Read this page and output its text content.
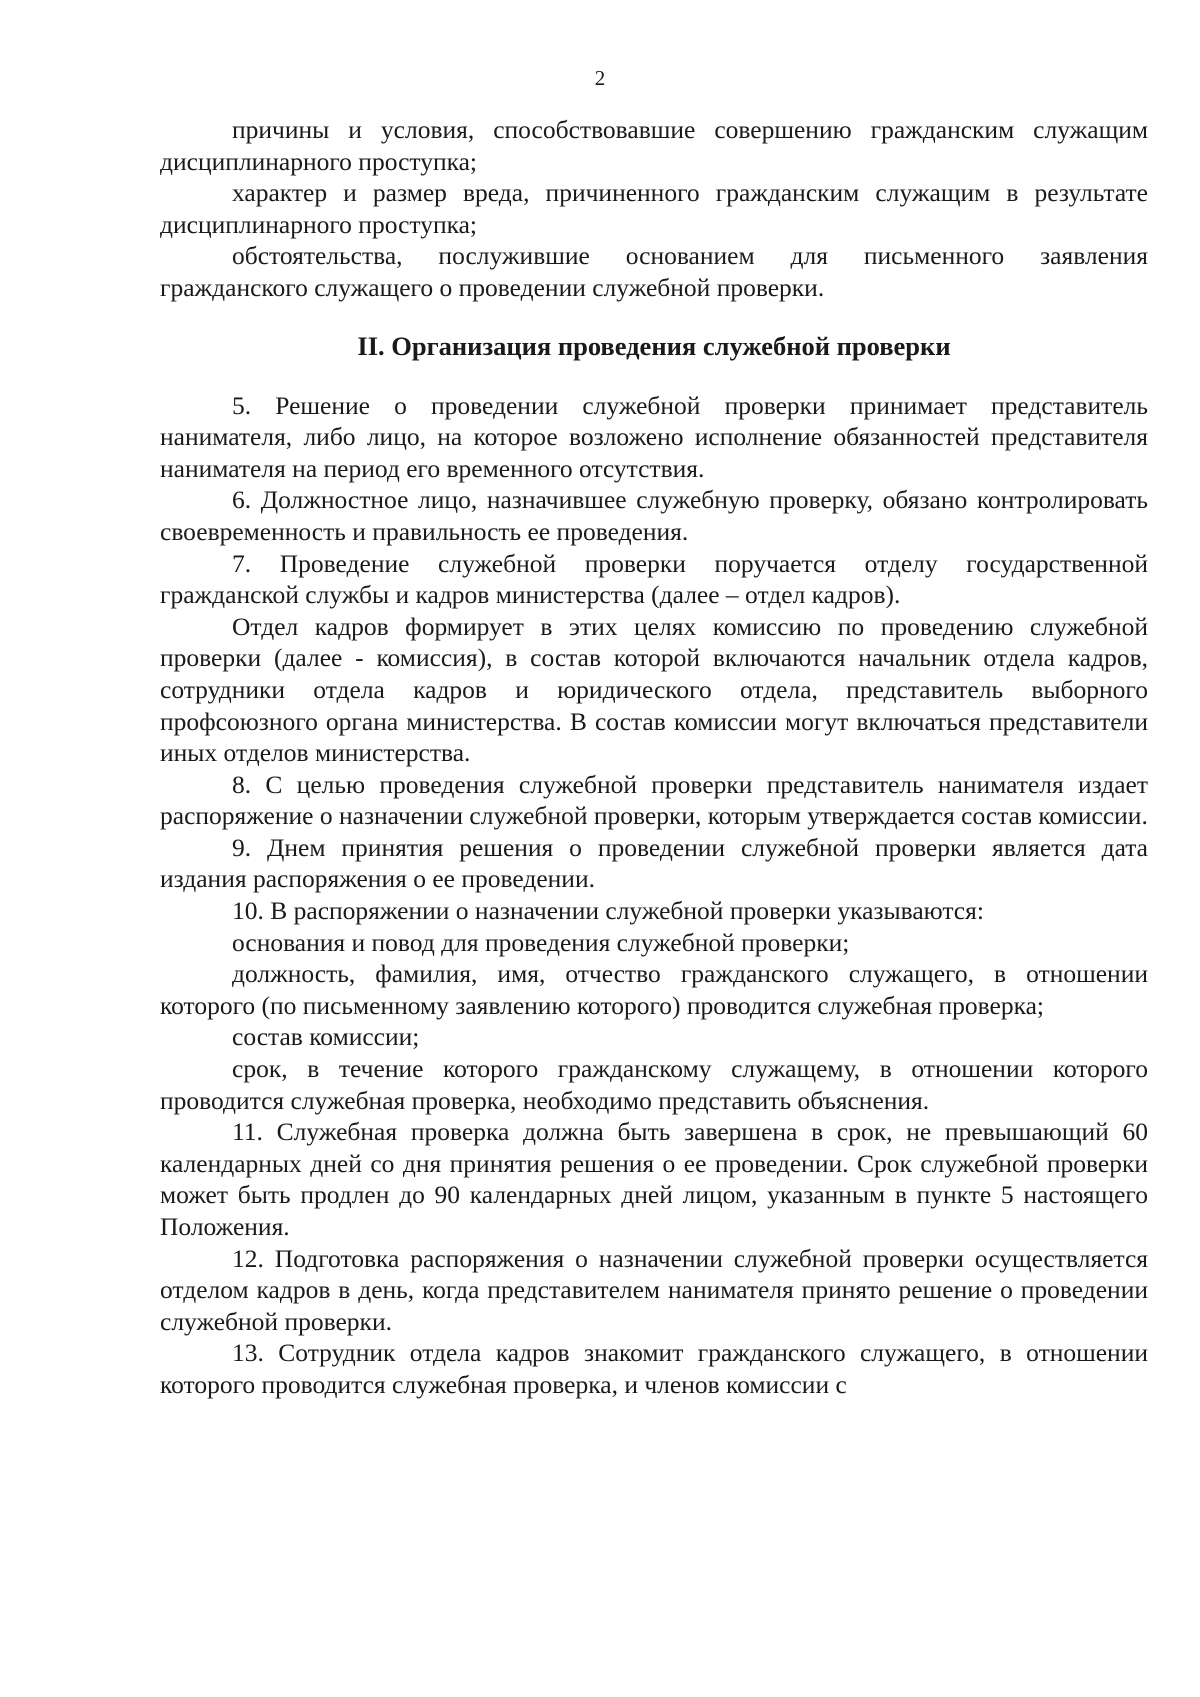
2

причины и условия, способствовавшие совершению гражданским служащим дисциплинарного проступка;

характер и размер вреда, причиненного гражданским служащим в результате дисциплинарного проступка;

обстоятельства, послужившие основанием для письменного заявления гражданского служащего о проведении служебной проверки.

II. Организация проведения служебной проверки

5. Решение о проведении служебной проверки принимает представитель нанимателя, либо лицо, на которое возложено исполнение обязанностей представителя нанимателя на период его временного отсутствия.

6. Должностное лицо, назначившее служебную проверку, обязано контролировать своевременность и правильность ее проведения.

7. Проведение служебной проверки поручается отделу государственной гражданской службы и кадров министерства (далее – отдел кадров).

Отдел кадров формирует в этих целях комиссию по проведению служебной проверки (далее - комиссия), в состав которой включаются начальник отдела кадров, сотрудники отдела кадров и юридического отдела, представитель выборного профсоюзного органа министерства. В состав комиссии могут включаться представители иных отделов министерства.

8. С целью проведения служебной проверки представитель нанимателя издает распоряжение о назначении служебной проверки, которым утверждается состав комиссии.

9. Днем принятия решения о проведении служебной проверки является дата издания распоряжения о ее проведении.

10. В распоряжении о назначении служебной проверки указываются:

основания и повод для проведения служебной проверки;

должность, фамилия, имя, отчество гражданского служащего, в отношении которого (по письменному заявлению которого) проводится служебная проверка;

состав комиссии;

срок, в течение которого гражданскому служащему, в отношении которого проводится служебная проверка, необходимо представить объяснения.

11. Служебная проверка должна быть завершена в срок, не превышающий 60 календарных дней со дня принятия решения о ее проведении. Срок служебной проверки может быть продлен до 90 календарных дней лицом, указанным в пункте 5 настоящего Положения.

12. Подготовка распоряжения о назначении служебной проверки осуществляется отделом кадров в день, когда представителем нанимателя принято решение о проведении служебной проверки.

13. Сотрудник отдела кадров знакомит гражданского служащего, в отношении которого проводится служебная проверка, и членов комиссии с
